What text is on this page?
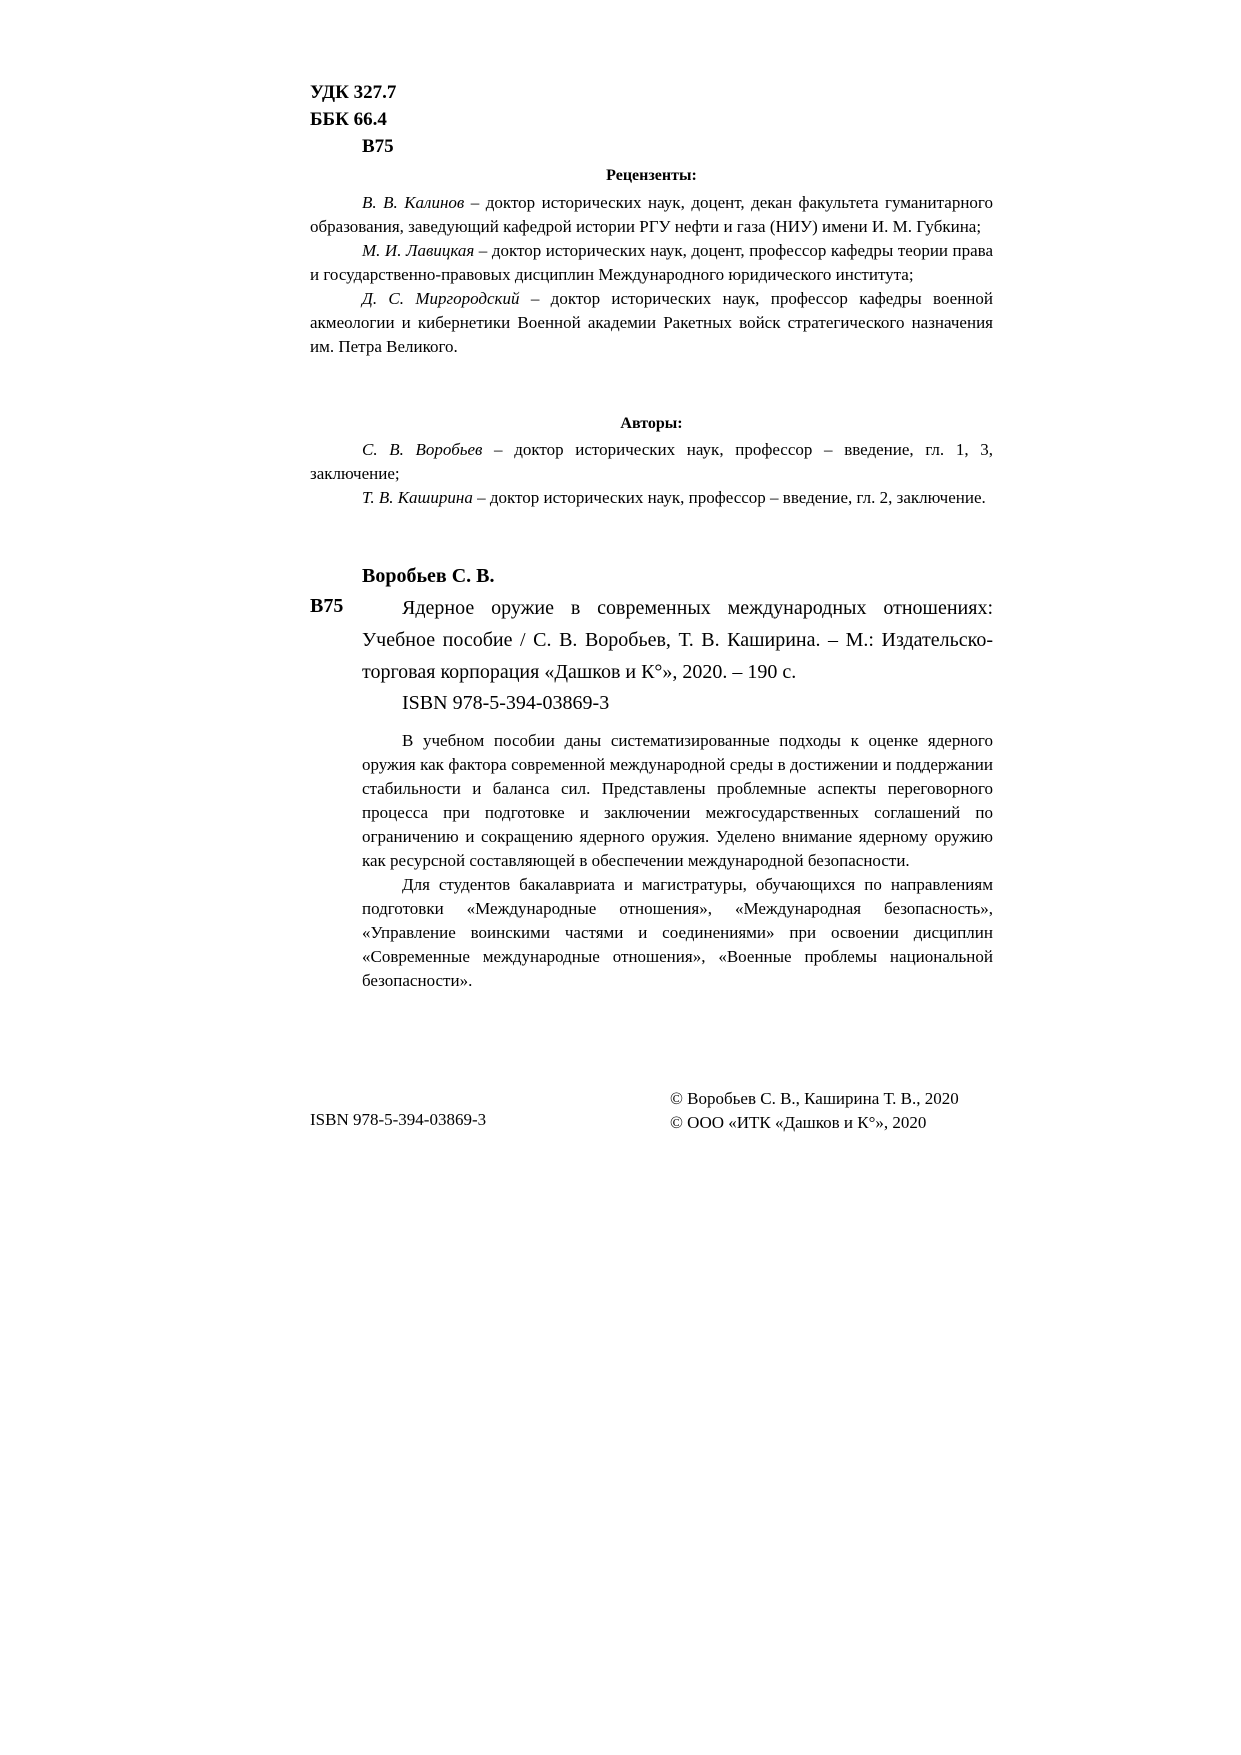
УДК 327.7
ББК 66.4
В75
Рецензенты:

В. В. Калинов – доктор исторических наук, доцент, декан факультета гуманитарного образования, заведующий кафедрой истории РГУ нефти и газа (НИУ) имени И. М. Губкина;

М. И. Лавицкая – доктор исторических наук, доцент, профессор кафедры теории права и государственно-правовых дисциплин Международного юридического института;

Д. С. Миргородский – доктор исторических наук, профессор кафедры военной акмеологии и кибернетики Военной академии Ракетных войск стратегического назначения им. Петра Великого.

Авторы:

С. В. Воробьев – доктор исторических наук, профессор – введение, гл. 1, 3, заключение;

Т. В. Каширина – доктор исторических наук, профессор – введение, гл. 2, заключение.

Воробьев С. В.
В75	Ядерное оружие в современных международных отношениях: Учебное пособие / С. В. Воробьев, Т. В. Каширина. – М.: Издательско-торговая корпорация «Дашков и К°», 2020. – 190 с.

ISBN 978-5-394-03869-3

В учебном пособии даны систематизированные подходы к оценке ядерного оружия как фактора современной международной среды в достижении и поддержании стабильности и баланса сил. Представлены проблемные аспекты переговорного процесса при подготовке и заключении межгосударственных соглашений по ограничению и сокращению ядерного оружия. Уделено внимание ядерному оружию как ресурсной составляющей в обеспечении международной безопасности.

Для студентов бакалавриата и магистратуры, обучающихся по направлениям подготовки «Международные отношения», «Международная безопасность», «Управление воинскими частями и соединениями» при освоении дисциплин «Современные международные отношения», «Военные проблемы национальной безопасности».

ISBN 978-5-394-03869-3
© Воробьев С. В., Каширина Т. В., 2020
© ООО «ИТК «Дашков и К°», 2020
